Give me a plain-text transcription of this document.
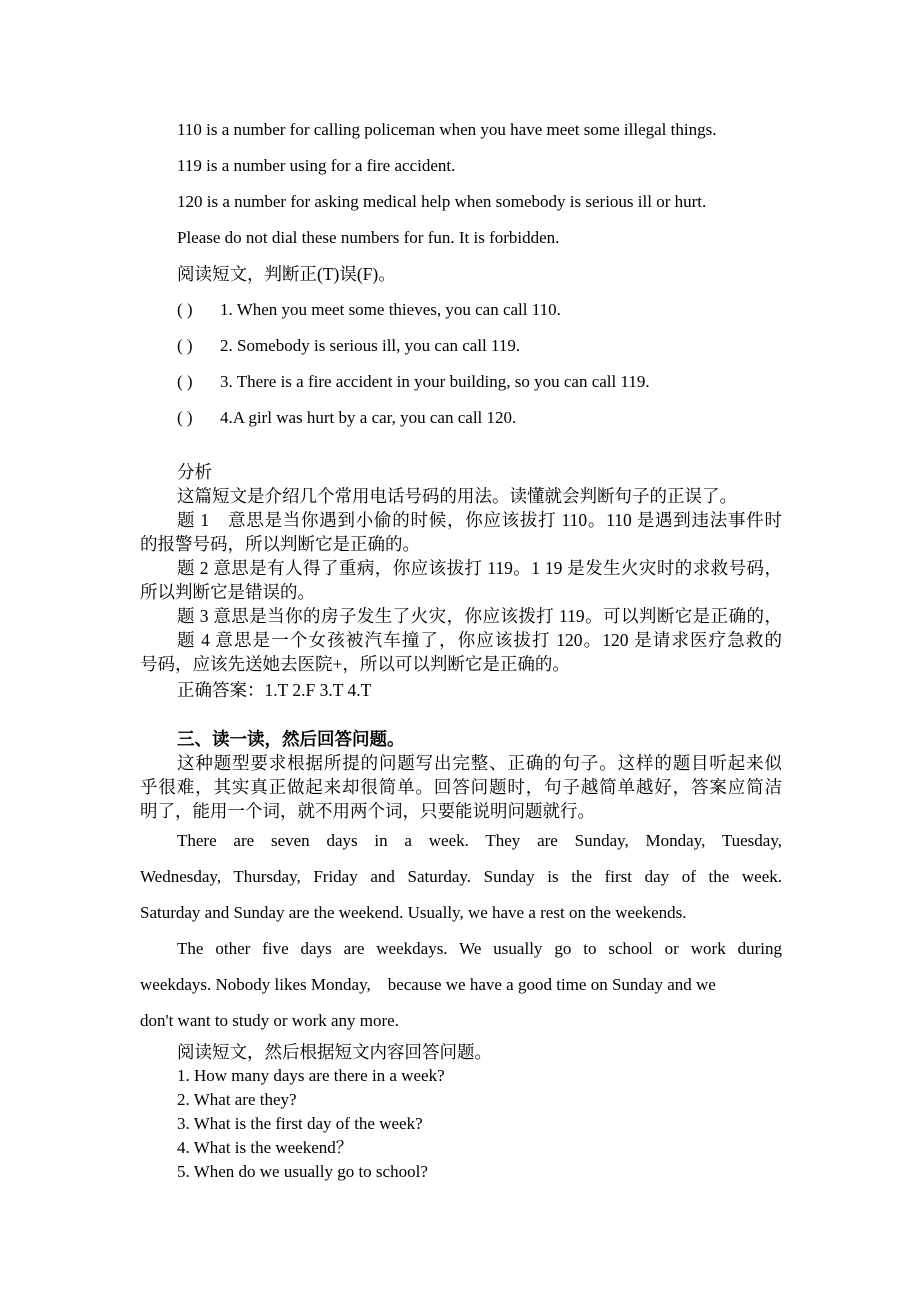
110 is a number for calling policeman when you have meet some illegal things.
119 is a number using for a fire accident.
120 is a number for asking medical help when somebody is serious ill or hurt.
Please do not dial these numbers for fun. It is forbidden.
阅读短文，判断正(T)误(F)。
( ) 1. When you meet some thieves, you can call 110.
( ) 2. Somebody is serious ill, you can call 119.
( ) 3. There is a fire accident in your building, so you can call 119.
( ) 4.A girl was hurt by a car, you can call 120.
分析
这篇短文是介绍几个常用电话号码的用法。读懂就会判断句子的正误了。
题 1　意思是当你遇到小偷的时候，你应该拔打 110。110 是遇到违法事件时
的报警号码，所以判断它是正确的。
题 2 意思是有人得了重病，你应该拔打 119。1 19 是发生火灾时的求救号码，
所以判断它是错误的。
题 3 意思是当你的房子发生了火灾，你应该拨打 119。可以判断它是正确的，
题 4 意思是一个女孩被汽车撞了，你应该拔打 120。120 是请求医疗急救的
号码，应该先送她去医院+，所以可以判断它是正确的。
正确答案：1.T 2.F 3.T 4.T
三、读一读，然后回答问题。
这种题型要求根据所提的问题写出完整、正确的句子。这样的题目听起来似
乎很难，其实真正做起来却很简单。回答问题时，句子越简单越好，答案应简洁
明了，能用一个词，就不用两个词，只要能说明问题就行。
There are seven days in a week. They are Sunday, Monday, Tuesday,
Wednesday, Thursday, Friday and Saturday. Sunday is the first day of the week.
Saturday and Sunday are the weekend. Usually, we have a rest on the weekends.
The other five days are weekdays. We usually go to school or work during
weekdays. Nobody likes Monday,    because we have a good time on Sunday and we
don't want to study or work any more.
阅读短文，然后根据短文内容回答问题。
1. How many days are there in a week?
2. What are they?
3. What is the first day of the week?
4. What is the weekend？
5. When do we usually go to school?
